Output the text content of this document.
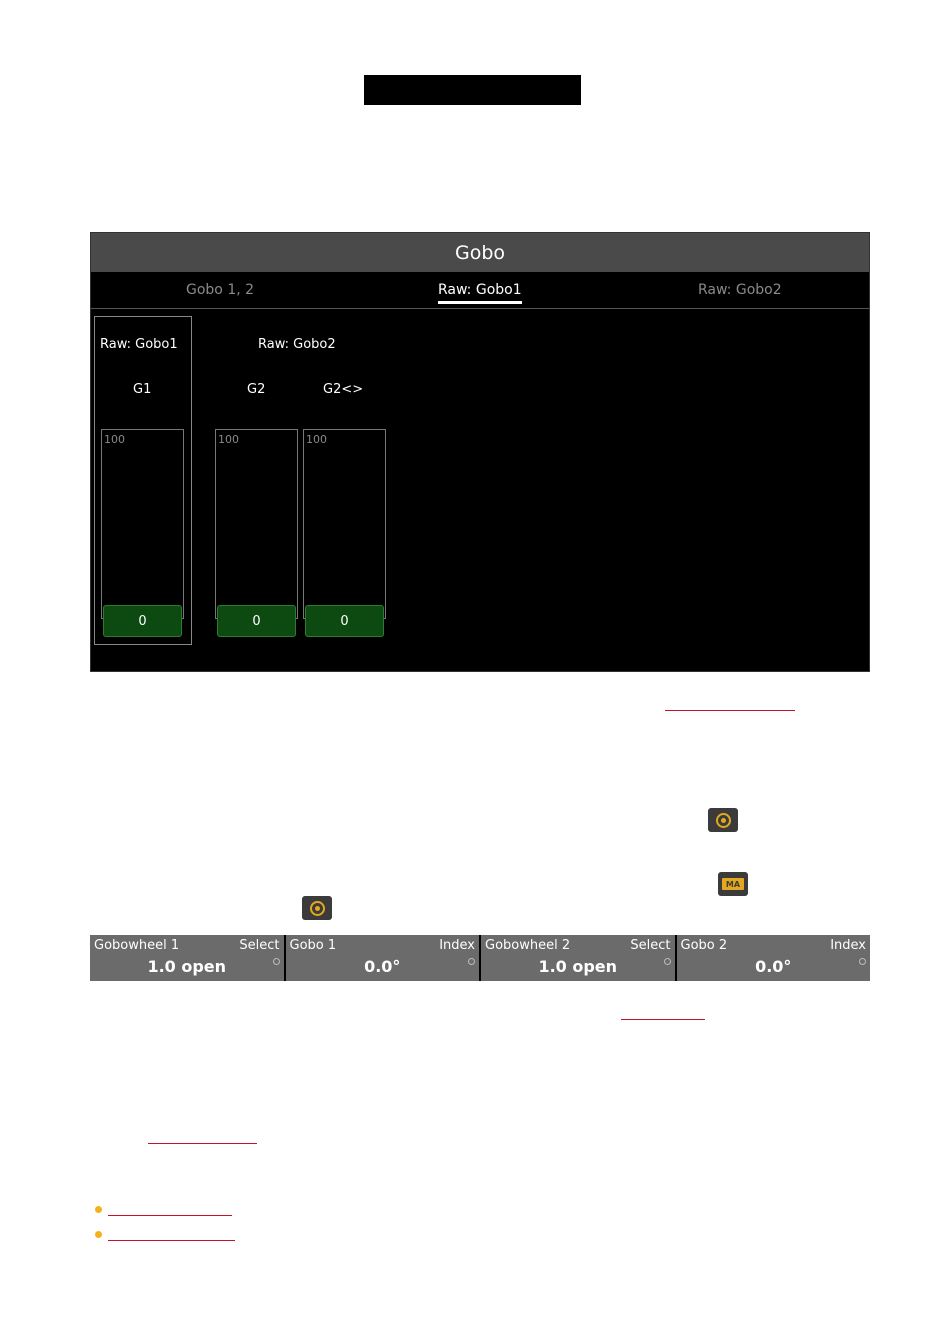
Gobo
Gobo 1, 2	Raw: Gobo1	Raw: Gobo2
Raw: Gobo1
G1
100
0
Raw: Gobo2
G2	G2<>
100
0
100
0
MA
Gobowheel 1	Select
1.0 open
Gobo 1	Index
0.0°
Gobowheel 2	Select
1.0 open
Gobo 2	Index
0.0°
